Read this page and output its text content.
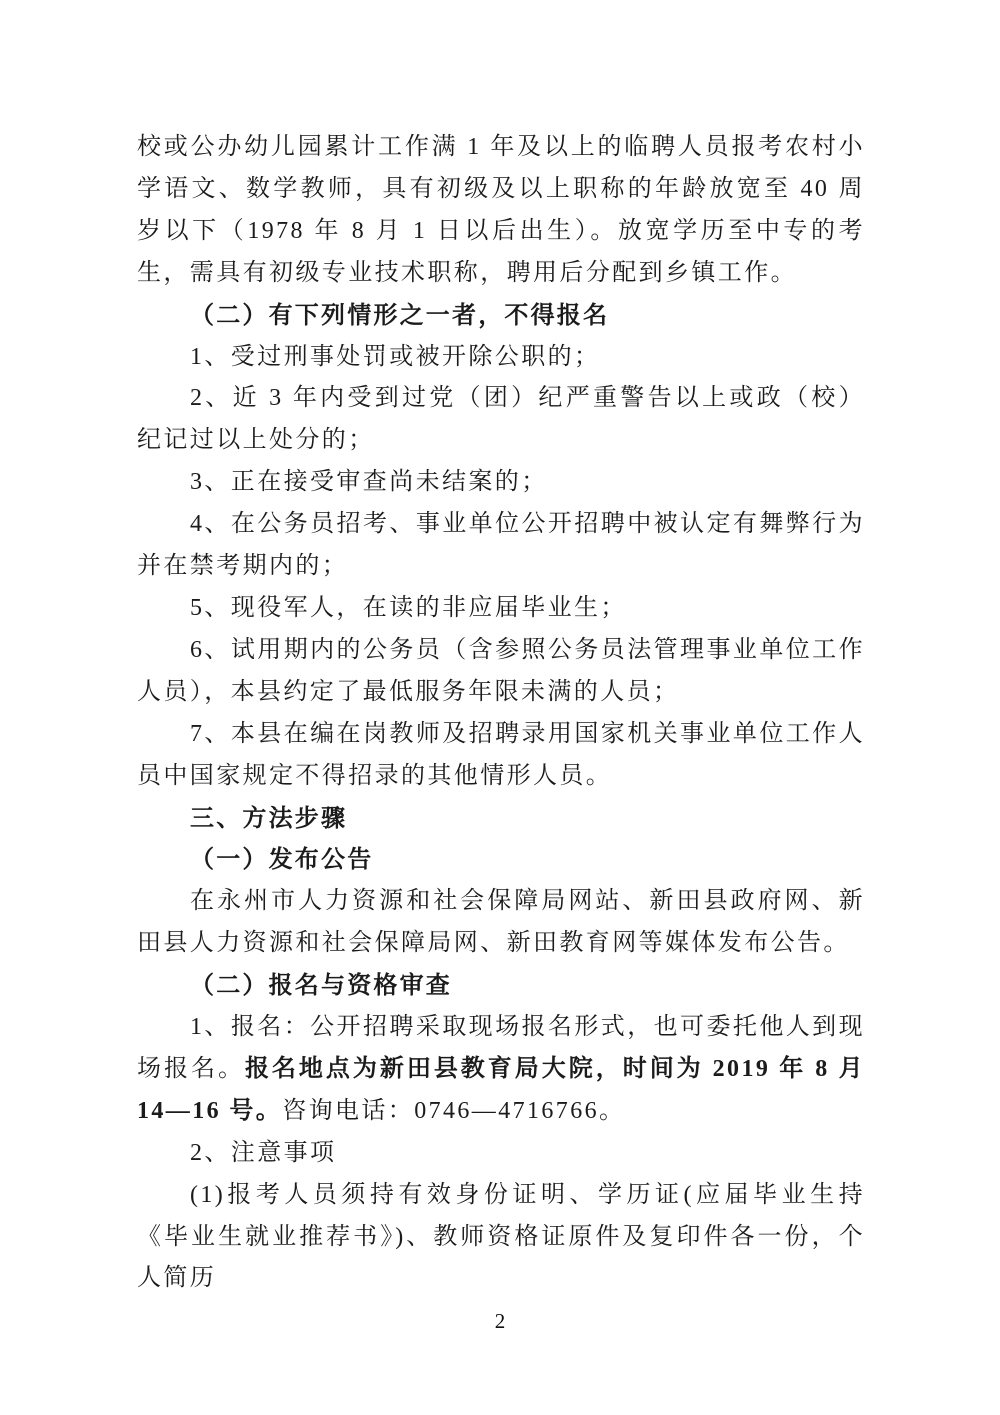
校或公办幼儿园累计工作满 1 年及以上的临聘人员报考农村小学语文、数学教师，具有初级及以上职称的年龄放宽至 40 周岁以下（1978 年 8 月 1 日以后出生）。放宽学历至中专的考生，需具有初级专业技术职称，聘用后分配到乡镇工作。

（二）有下列情形之一者，不得报名

1、受过刑事处罚或被开除公职的；

2、近 3 年内受到过党（团）纪严重警告以上或政（校）纪记过以上处分的；

3、正在接受审查尚未结案的；

4、在公务员招考、事业单位公开招聘中被认定有舞弊行为并在禁考期内的；

5、现役军人，在读的非应届毕业生；

6、试用期内的公务员（含参照公务员法管理事业单位工作人员），本县约定了最低服务年限未满的人员；

7、本县在编在岗教师及招聘录用国家机关事业单位工作人员中国家规定不得招录的其他情形人员。

三、方法步骤

（一）发布公告

在永州市人力资源和社会保障局网站、新田县政府网、新田县人力资源和社会保障局网、新田教育网等媒体发布公告。

（二）报名与资格审查

1、报名：公开招聘采取现场报名形式，也可委托他人到现场报名。报名地点为新田县教育局大院，时间为 2019 年 8 月 14—16 号。咨询电话：0746—4716766。

2、注意事项

(1)报考人员须持有效身份证明、学历证(应届毕业生持《毕业生就业推荐书》)、教师资格证原件及复印件各一份，个人简历

2
